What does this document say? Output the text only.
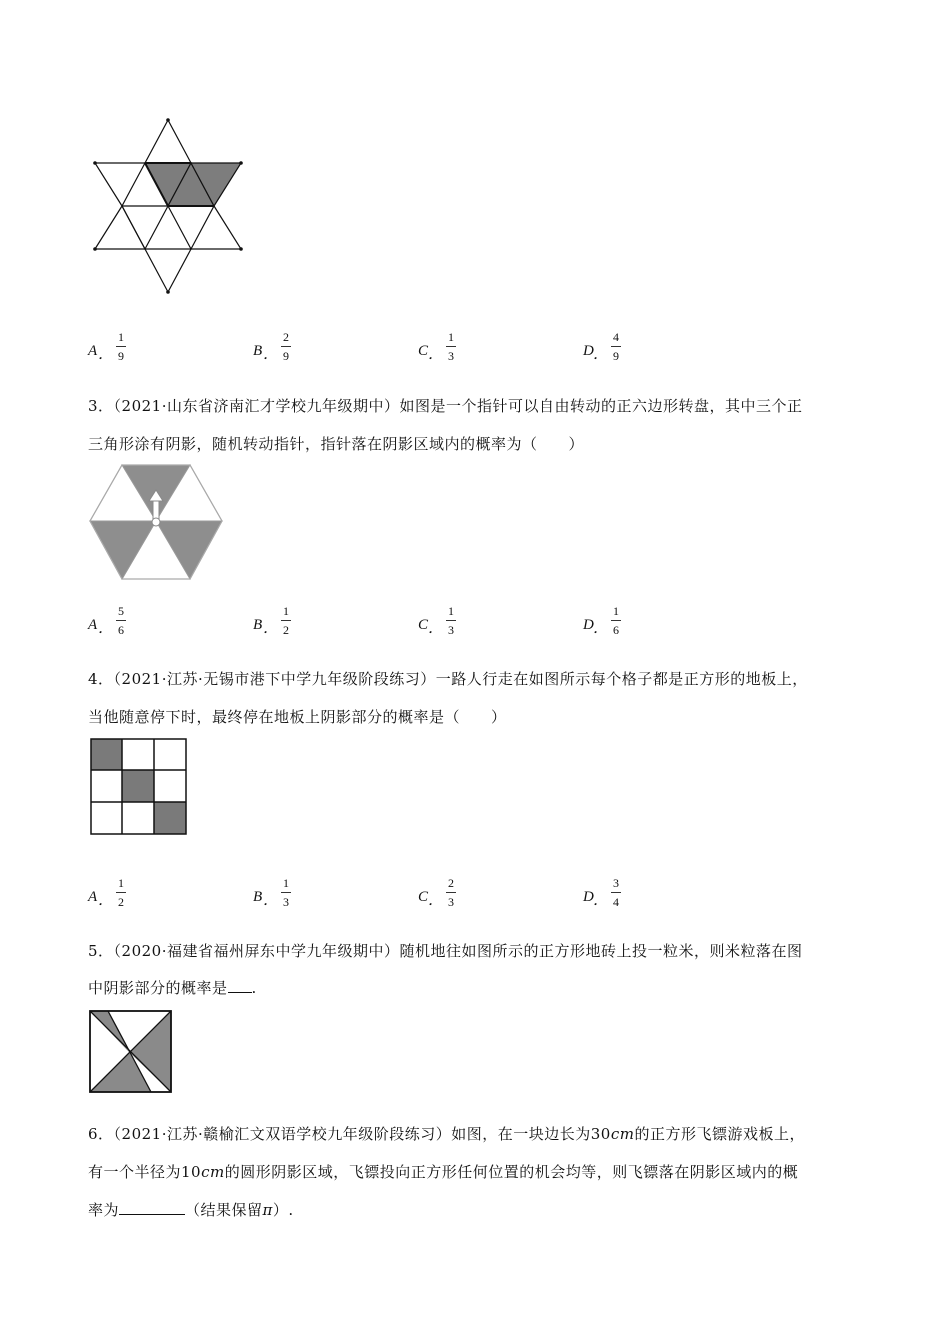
A ．
1
9	B ．
2
9	C ．
1
3	D ．
4
9
3．（2021·山东省济南汇才学校九年级期中）如图是一个指针可以自由转动的正六边形转盘，其中三个正
三角形涂有阴影，随机转动指针，指针落在阴影区域内的概率为（　　）
A ．
5
6	B ．
1
2	C ．
1
3	D ．
1
6
4．（2021·江苏·无锡市港下中学九年级阶段练习）一路人行走在如图所示每个格子都是正方形的地板上，
当他随意停下时，最终停在地板上阴影部分的概率是（　　）
A ．
1
2	B ．
1
3	C ．
2
3	D ．
3
4
5．（2020·福建省福州屏东中学九年级期中）随机地往如图所示的正方形地砖上投一粒米，则米粒落在图
中阴影部分的概率是 .
6．（2021·江苏·赣榆汇文双语学校九年级阶段练习）如图，在一块边长为30cm的正方形飞镖游戏板上，
有一个半径为10cm的圆形阴影区域，飞镖投向正方形任何位置的机会均等，则飞镖落在阴影区域内的概
率为	（结果保留π）.
